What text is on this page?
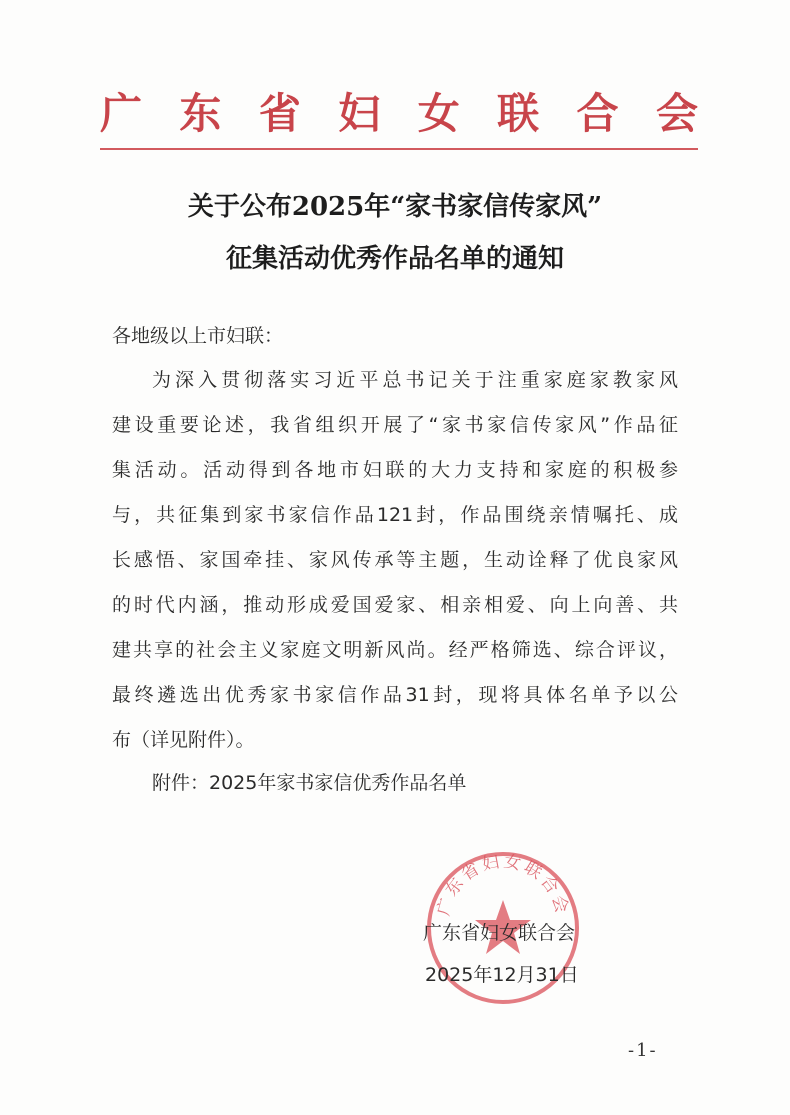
广 东 省 妇 女 联 合 会
关于公布2025年“家书家信传家风”
征集活动优秀作品名单的通知
各地级以上市妇联：
为深入贯彻落实习近平总书记关于注重家庭家教家风
建设重要论述，我省组织开展了“家书家信传家风”作品征
集活动。活动得到各地市妇联的大力支持和家庭的积极参
与，共征集到家书家信作品121封，作品围绕亲情嘱托、成
长感悟、家国牵挂、家风传承等主题，生动诠释了优良家风
的时代内涵，推动形成爱国爱家、相亲相爱、向上向善、共
建共享的社会主义家庭文明新风尚。经严格筛选、综合评议，
最终遴选出优秀家书家信作品31封，现将具体名单予以公
布（详见附件）。
附件：2025年家书家信优秀作品名单
广东省妇女联合会
广东省妇女联合会
2025年12月31日
-1-
